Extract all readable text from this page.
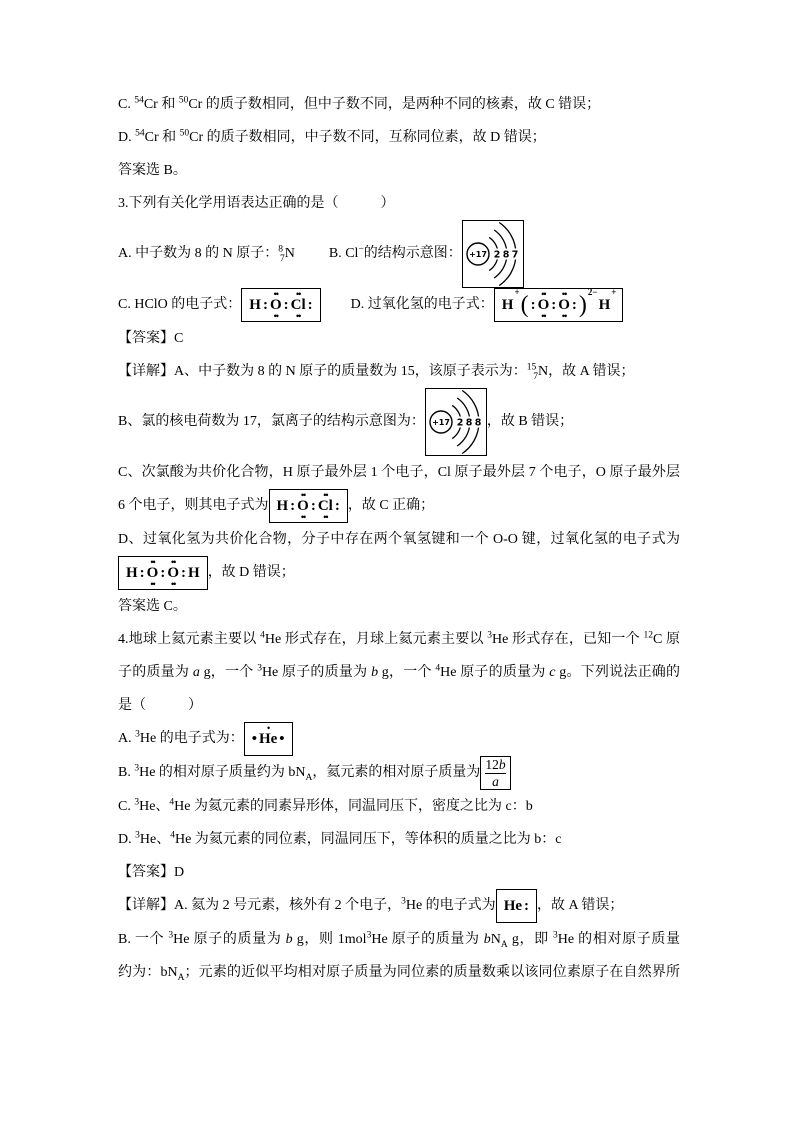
C. $^{54}$Cr 和 $^{50}$Cr 的质子数相同，但中子数不同，是两种不同的核素，故 C 错误；
D. $^{54}$Cr 和 $^{50}$Cr 的质子数相同，中子数不同，互称同位素，故 D 错误；
答案选 B。
3.下列有关化学用语表达正确的是（　　　）
A. 中子数为 8 的 N 原子：$^8_7$N B. Cl−的结构示意图： +17 2 8 7
C. HClO 的电子式：
H

:

••
O
••

:

••
Cl
••

:
	D. 过氧化氢的电子式：
H

+
(

:

••
O
••

:

••
O
••

:

)
2−

H

+
【答案】C
【详解】A、中子数为 8 的 N 原子的质量数为 15，该原子表示为：$^{15}_7$N，故 A 错误；
B、氯的核电荷数为 17，氯离子的结构示意图为： +17 2 8 8 ，故 B 错误；
C、次氯酸为共价化合物，H 原子最外层 1 个电子，Cl 原子最外层 7 个电子，O 原子最外层
6 个电子，则其电子式为
H

:

••
O
••

:

••
Cl
••

:
，故 C 正确；
D、过氧化氢为共价化合物，分子中存在两个氧氢键和一个 O-O 键，过氧化氢的电子式为

H

:

••
O
••

:

••
O
••

:

H
，故 D 错误；
答案选 C。
4.地球上氦元素主要以 $^4$He 形式存在，月球上氦元素主要以 $^3$He 形式存在，已知一个 $^{12}$C 原
子的质量为 a g，一个 $^3$He 原子的质量为 b g，一个 $^4$He 原子的质量为 c g。下列说法正确的
是（　　　）
A. $^3$He 的电子式为：
•

•
He

•

B. $^3$He 的相对原子质量约为 $bN_A$，氦元素的相对原子质量为 $\frac{12b}{a}$
C. $^3$He、$^4$He 为氦元素的同素异形体，同温同压下，密度之比为 c：b
D. $^3$He、$^4$He 为氦元素的同位素，同温同压下，等体积的质量之比为 b：c
【答案】D
【详解】A. 氦为 2 号元素，核外有 2 个电子，$^3$He 的电子式为
He

:
，故 A 错误；
B. 一个 $^3$He 原子的质量为 b g，则 1mol$^3$He 原子的质量为 $bN_A$ g，即 $^3$He 的相对原子质量
约为：$bN_A$；元素的近似平均相对原子质量为同位素的质量数乘以该同位素原子在自然界所
